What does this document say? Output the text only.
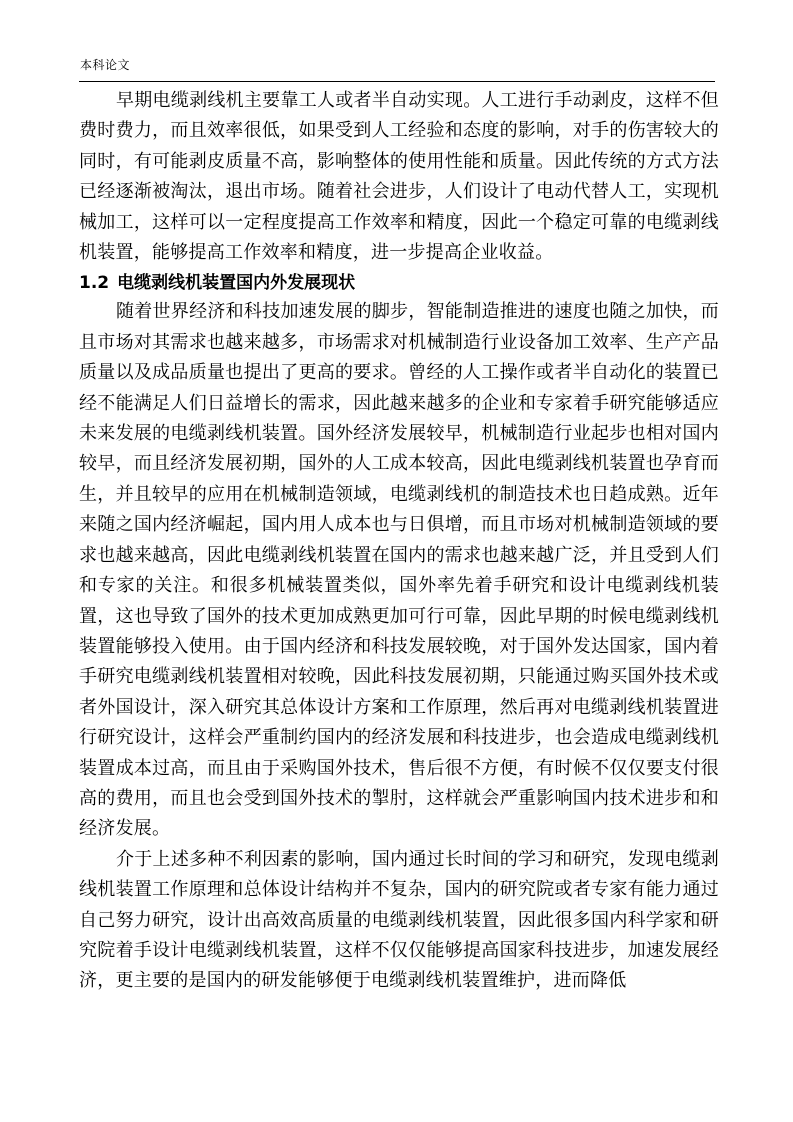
本科论文

早期电缆剥线机主要靠工人或者半自动实现。人工进行手动剥皮，这样不但费时费力，而且效率很低，如果受到人工经验和态度的影响，对手的伤害较大的同时，有可能剥皮质量不高，影响整体的使用性能和质量。因此传统的方式方法已经逐渐被淘汰，退出市场。随着社会进步，人们设计了电动代替人工，实现机械加工，这样可以一定程度提高工作效率和精度，因此一个稳定可靠的电缆剥线机装置，能够提高工作效率和精度，进一步提高企业收益。

1.2 电缆剥线机装置国内外发展现状

随着世界经济和科技加速发展的脚步，智能制造推进的速度也随之加快，而且市场对其需求也越来越多，市场需求对机械制造行业设备加工效率、生产产品质量以及成品质量也提出了更高的要求。曾经的人工操作或者半自动化的装置已经不能满足人们日益增长的需求，因此越来越多的企业和专家着手研究能够适应未来发展的电缆剥线机装置。国外经济发展较早，机械制造行业起步也相对国内较早，而且经济发展初期，国外的人工成本较高，因此电缆剥线机装置也孕育而生，并且较早的应用在机械制造领域，电缆剥线机的制造技术也日趋成熟。近年来随之国内经济崛起，国内用人成本也与日俱增，而且市场对机械制造领域的要求也越来越高，因此电缆剥线机装置在国内的需求也越来越广泛，并且受到人们和专家的关注。和很多机械装置类似，国外率先着手研究和设计电缆剥线机装置，这也导致了国外的技术更加成熟更加可行可靠，因此早期的时候电缆剥线机装置能够投入使用。由于国内经济和科技发展较晚，对于国外发达国家，国内着手研究电缆剥线机装置相对较晚，因此科技发展初期，只能通过购买国外技术或者外国设计，深入研究其总体设计方案和工作原理，然后再对电缆剥线机装置进行研究设计，这样会严重制约国内的经济发展和科技进步，也会造成电缆剥线机装置成本过高，而且由于采购国外技术，售后很不方便，有时候不仅仅要支付很高的费用，而且也会受到国外技术的掣肘，这样就会严重影响国内技术进步和和经济发展。

介于上述多种不利因素的影响，国内通过长时间的学习和研究，发现电缆剥线机装置工作原理和总体设计结构并不复杂，国内的研究院或者专家有能力通过自己努力研究，设计出高效高质量的电缆剥线机装置，因此很多国内科学家和研究院着手设计电缆剥线机装置，这样不仅仅能够提高国家科技进步，加速发展经济，更主要的是国内的研发能够便于电缆剥线机装置维护，进而降低
